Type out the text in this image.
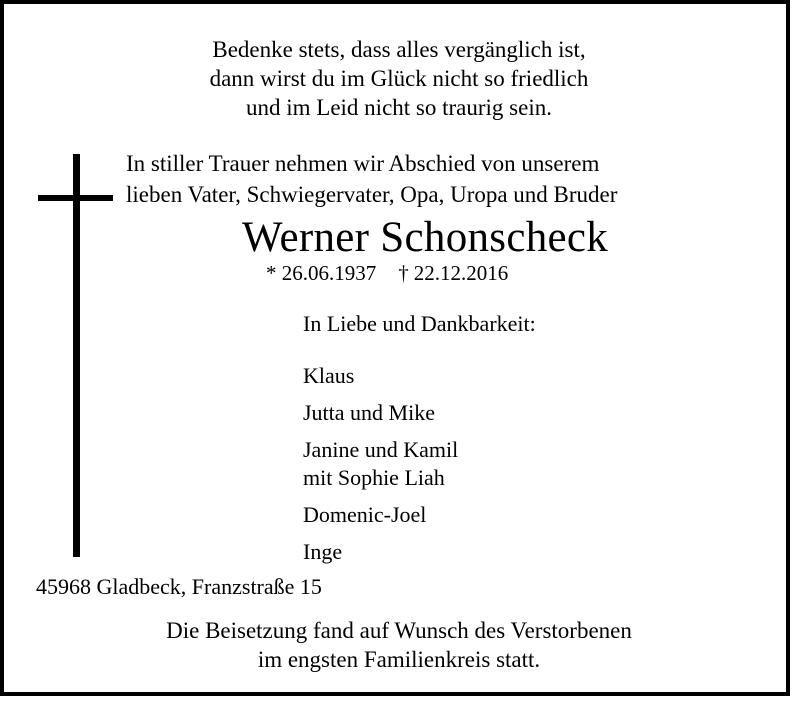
Bedenke stets, dass alles vergänglich ist,
dann wirst du im Glück nicht so friedlich
und im Leid nicht so traurig sein.
In stiller Trauer nehmen wir Abschied von unserem
lieben Vater, Schwiegervater, Opa, Uropa und Bruder
Werner Schonscheck
* 26.06.1937 † 22.12.2016
In Liebe und Dankbarkeit:
Klaus
Jutta und Mike
Janine und Kamil
mit Sophie Liah
Domenic-Joel
Inge
45968 Gladbeck, Franzstraße 15
Die Beisetzung fand auf Wunsch des Verstorbenen
im engsten Familienkreis statt.
